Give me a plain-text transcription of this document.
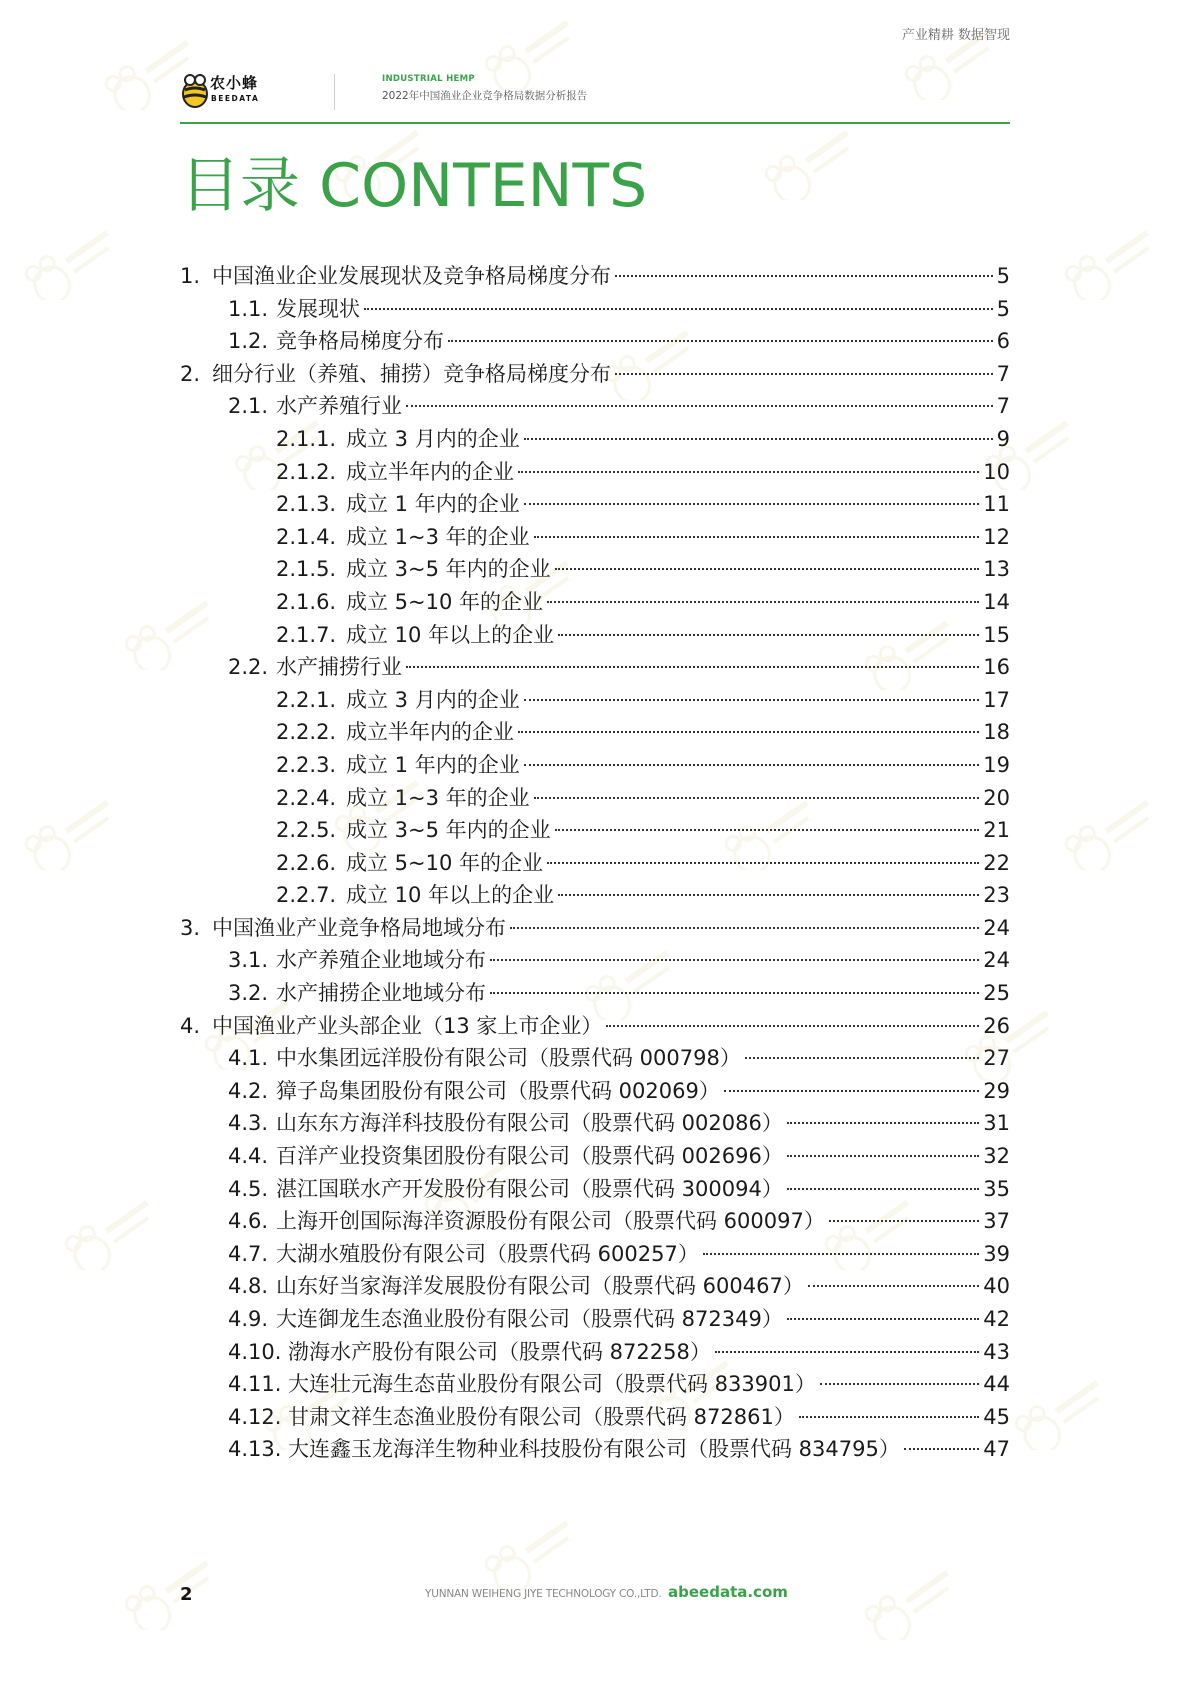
农小蜂
BEEDATA
INDUSTRIAL HEMP
2022年中国渔业企业竞争格局数据分析报告
产业精耕 数据智现
目录 CONTENTS
1. 中国渔业企业发展现状及竞争格局梯度分布	5
1.1. 发展现状	5
1.2. 竞争格局梯度分布	6
2. 细分行业（养殖、捕捞）竞争格局梯度分布	7
2.1. 水产养殖行业	7
2.1.1. 成立 3 月内的企业	9
2.1.2. 成立半年内的企业	10
2.1.3. 成立 1 年内的企业	11
2.1.4. 成立 1~3 年的企业	12
2.1.5. 成立 3~5 年内的企业	13
2.1.6. 成立 5~10 年的企业	14
2.1.7. 成立 10 年以上的企业	15
2.2. 水产捕捞行业	16
2.2.1. 成立 3 月内的企业	17
2.2.2. 成立半年内的企业	18
2.2.3. 成立 1 年内的企业	19
2.2.4. 成立 1~3 年的企业	20
2.2.5. 成立 3~5 年内的企业	21
2.2.6. 成立 5~10 年的企业	22
2.2.7. 成立 10 年以上的企业	23
3. 中国渔业产业竞争格局地域分布	24
3.1. 水产养殖企业地域分布	24
3.2. 水产捕捞企业地域分布	25
4. 中国渔业产业头部企业（13 家上市企业）	26
4.1. 中水集团远洋股份有限公司（股票代码 000798）	27
4.2. 獐子岛集团股份有限公司（股票代码 002069）	29
4.3. 山东东方海洋科技股份有限公司（股票代码 002086）	31
4.4. 百洋产业投资集团股份有限公司（股票代码 002696）	32
4.5. 湛江国联水产开发股份有限公司（股票代码 300094）	35
4.6. 上海开创国际海洋资源股份有限公司（股票代码 600097）	37
4.7. 大湖水殖股份有限公司（股票代码 600257）	39
4.8. 山东好当家海洋发展股份有限公司（股票代码 600467）	40
4.9. 大连御龙生态渔业股份有限公司（股票代码 872349）	42
4.10. 渤海水产股份有限公司（股票代码 872258）	43
4.11. 大连壮元海生态苗业股份有限公司（股票代码 833901）	44
4.12. 甘肃文祥生态渔业股份有限公司（股票代码 872861）	45
4.13. 大连鑫玉龙海洋生物种业科技股份有限公司（股票代码 834795）	47
2	YUNNAN WEIHENG JIYE TECHNOLOGY CO.,LTD. abeedata.com
